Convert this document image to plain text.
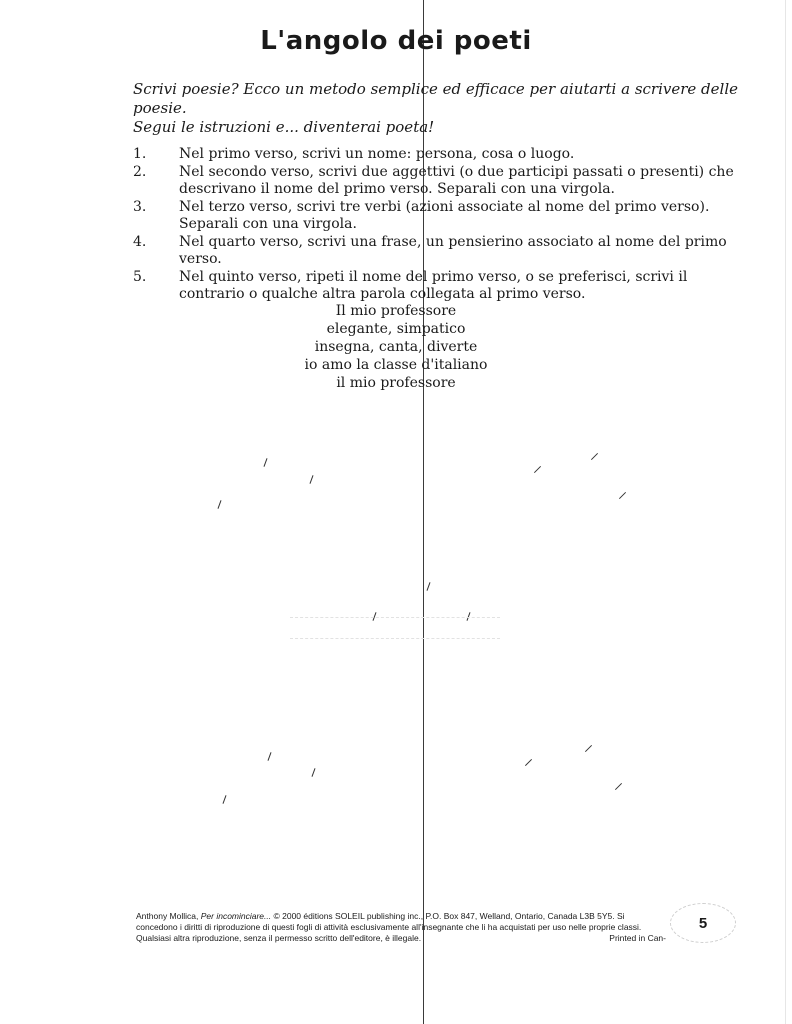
L'angolo dei poeti
Scrivi poesie? Ecco un metodo semplice ed efficace per aiutarti a scrivere delle poesie.
Segui le istruzioni e... diventerai poeta!
1.	Nel primo verso, scrivi un nome: persona, cosa o luogo.
2.	Nel secondo verso, scrivi due aggettivi (o due participi passati o presenti) che descrivano il nome del primo verso. Separali con una virgola.
3.	Nel terzo verso, scrivi tre verbi (azioni associate al nome del primo verso). Separali con una virgola.
4.	Nel quarto verso, scrivi una frase, un pensierino associato al nome del primo verso.
5.	Nel quinto verso, ripeti il nome del primo verso, o se preferisci, scrivi il contrario o qualche altra parola collegata al primo verso.
Il mio professore
elegante, simpatico
insegna, canta, diverte
io amo la classe d'italiano
il mio professore
Anthony Mollica, Per incominciare... © 2000 éditions SOLEIL publishing inc., P.O. Box 847, Welland, Ontario, Canada L3B 5Y5. Si
concedono i diritti di riproduzione di questi fogli di attività esclusivamente all'insegnante che li ha acquistati per uso nelle proprie classi.
Qualsiasi altra riproduzione, senza il permesso scritto dell'editore, è illegale.	Printed in Can-
5
